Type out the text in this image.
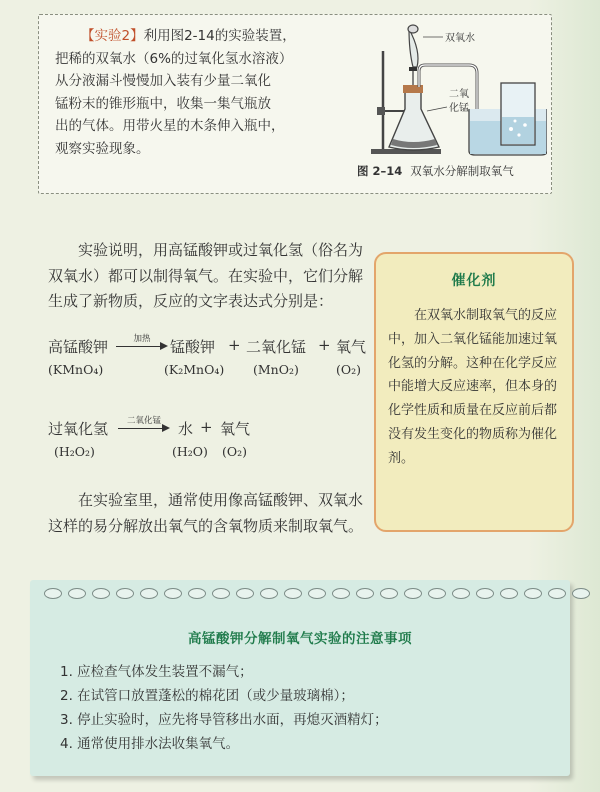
【实验2】利用图2-14的实验装置，
把稀的双氧水（6%的过氧化氢水溶液）
从分液漏斗慢慢加入装有少量二氧化
锰粉末的锥形瓶中，收集一集气瓶放
出的气体。用带火星的木条伸入瓶中，
观察实验现象。
双氧水
二氧
化锰
图 2–14 双氧水分解制取氧气
实验说明，用高锰酸钾或过氧化氢（俗名为双氧水）都可以制得氧气。在实验中，它们分解生成了新物质，反应的文字表达式分别是：
高锰酸钾	加热	锰酸钾 + 二氧化锰 + 氧气
(KMnO₄)	(K₂MnO₄) (MnO₂)	(O₂)
过氧化氢	二氧化锰	水 + 氧气
(H₂O₂)	(H₂O) (O₂)
在实验室里，通常使用像高锰酸钾、双氧水这样的易分解放出氧气的含氧物质来制取氧气。
催化剂
在双氧水制取氧气的反应中，加入二氧化锰能加速过氧化氢的分解。这种在化学反应中能增大反应速率，但本身的化学性质和质量在反应前后都没有发生变化的物质称为催化剂。
高锰酸钾分解制氧气实验的注意事项
1. 应检查气体发生装置不漏气；
2. 在试管口放置蓬松的棉花团（或少量玻璃棉）；
3. 停止实验时，应先将导管移出水面，再熄灭酒精灯；
4. 通常使用排水法收集氧气。
